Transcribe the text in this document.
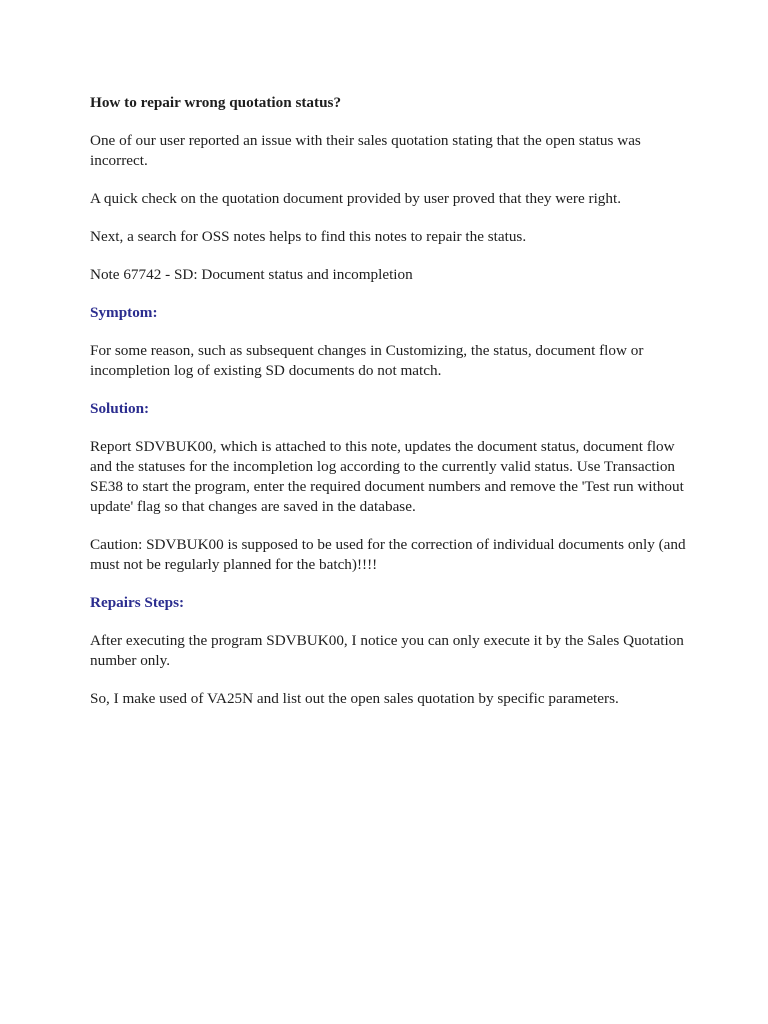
How to repair wrong quotation status?

One of our user reported an issue with their sales quotation stating that the open status was incorrect.

A quick check on the quotation document provided by user proved that they were right.

Next, a search for OSS notes helps to find this notes to repair the status.

Note 67742 - SD: Document status and incompletion

Symptom:

For some reason, such as subsequent changes in Customizing, the status, document flow or incompletion log of existing SD documents do not match.

Solution:

Report SDVBUK00, which is attached to this note, updates the document status, document flow and the statuses for the incompletion log according to the currently valid status. Use Transaction SE38 to start the program, enter the required document numbers and remove the 'Test run without update' flag so that changes are saved in the database.

Caution: SDVBUK00 is supposed to be used for the correction of individual documents only (and must not be regularly planned for the batch)!!!!

Repairs Steps:

After executing the program SDVBUK00, I notice you can only execute it by the Sales Quotation number only.

So, I make used of VA25N and list out the open sales quotation by specific parameters.
